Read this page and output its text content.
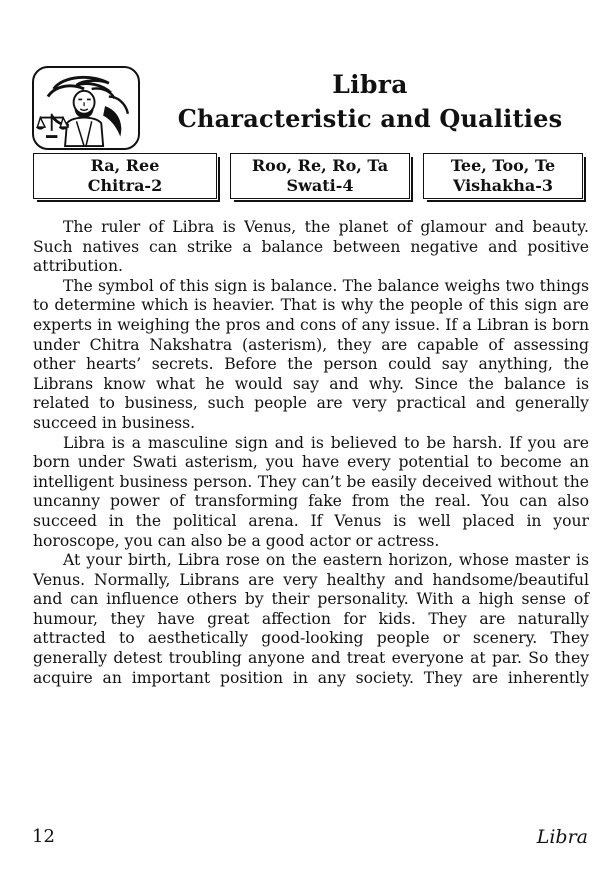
Libra
Characteristic and Qualities
Ra, Ree
Chitra-2
Roo, Re, Ro, Ta
Swati-4
Tee, Too, Te
Vishakha-3

The ruler of Libra is Venus, the planet of glamour and beauty. Such natives can strike a balance between negative and positive attribution.

The symbol of this sign is balance. The balance weighs two things to determine which is heavier. That is why the people of this sign are experts in weighing the pros and cons of any issue. If a Libran is born under Chitra Nakshatra (asterism), they are capable of assessing other hearts’ secrets. Before the person could say anything, the Librans know what he would say and why. Since the balance is related to business, such people are very practical and generally succeed in business.

Libra is a masculine sign and is believed to be harsh. If you are born under Swati asterism, you have every potential to become an intelligent business person. They can’t be easily deceived without the uncanny power of transforming fake from the real. You can also succeed in the political arena. If Venus is well placed in your horoscope, you can also be a good actor or actress.

At your birth, Libra rose on the eastern horizon, whose master is Venus. Normally, Librans are very healthy and handsome/beautiful and can influence others by their personality. With a high sense of humour, they have great affection for kids. They are naturally attracted to aesthetically good-looking people or scenery. They generally detest troubling anyone and treat everyone at par. So they acquire an important position in any society. They are inherently

12	Libra
